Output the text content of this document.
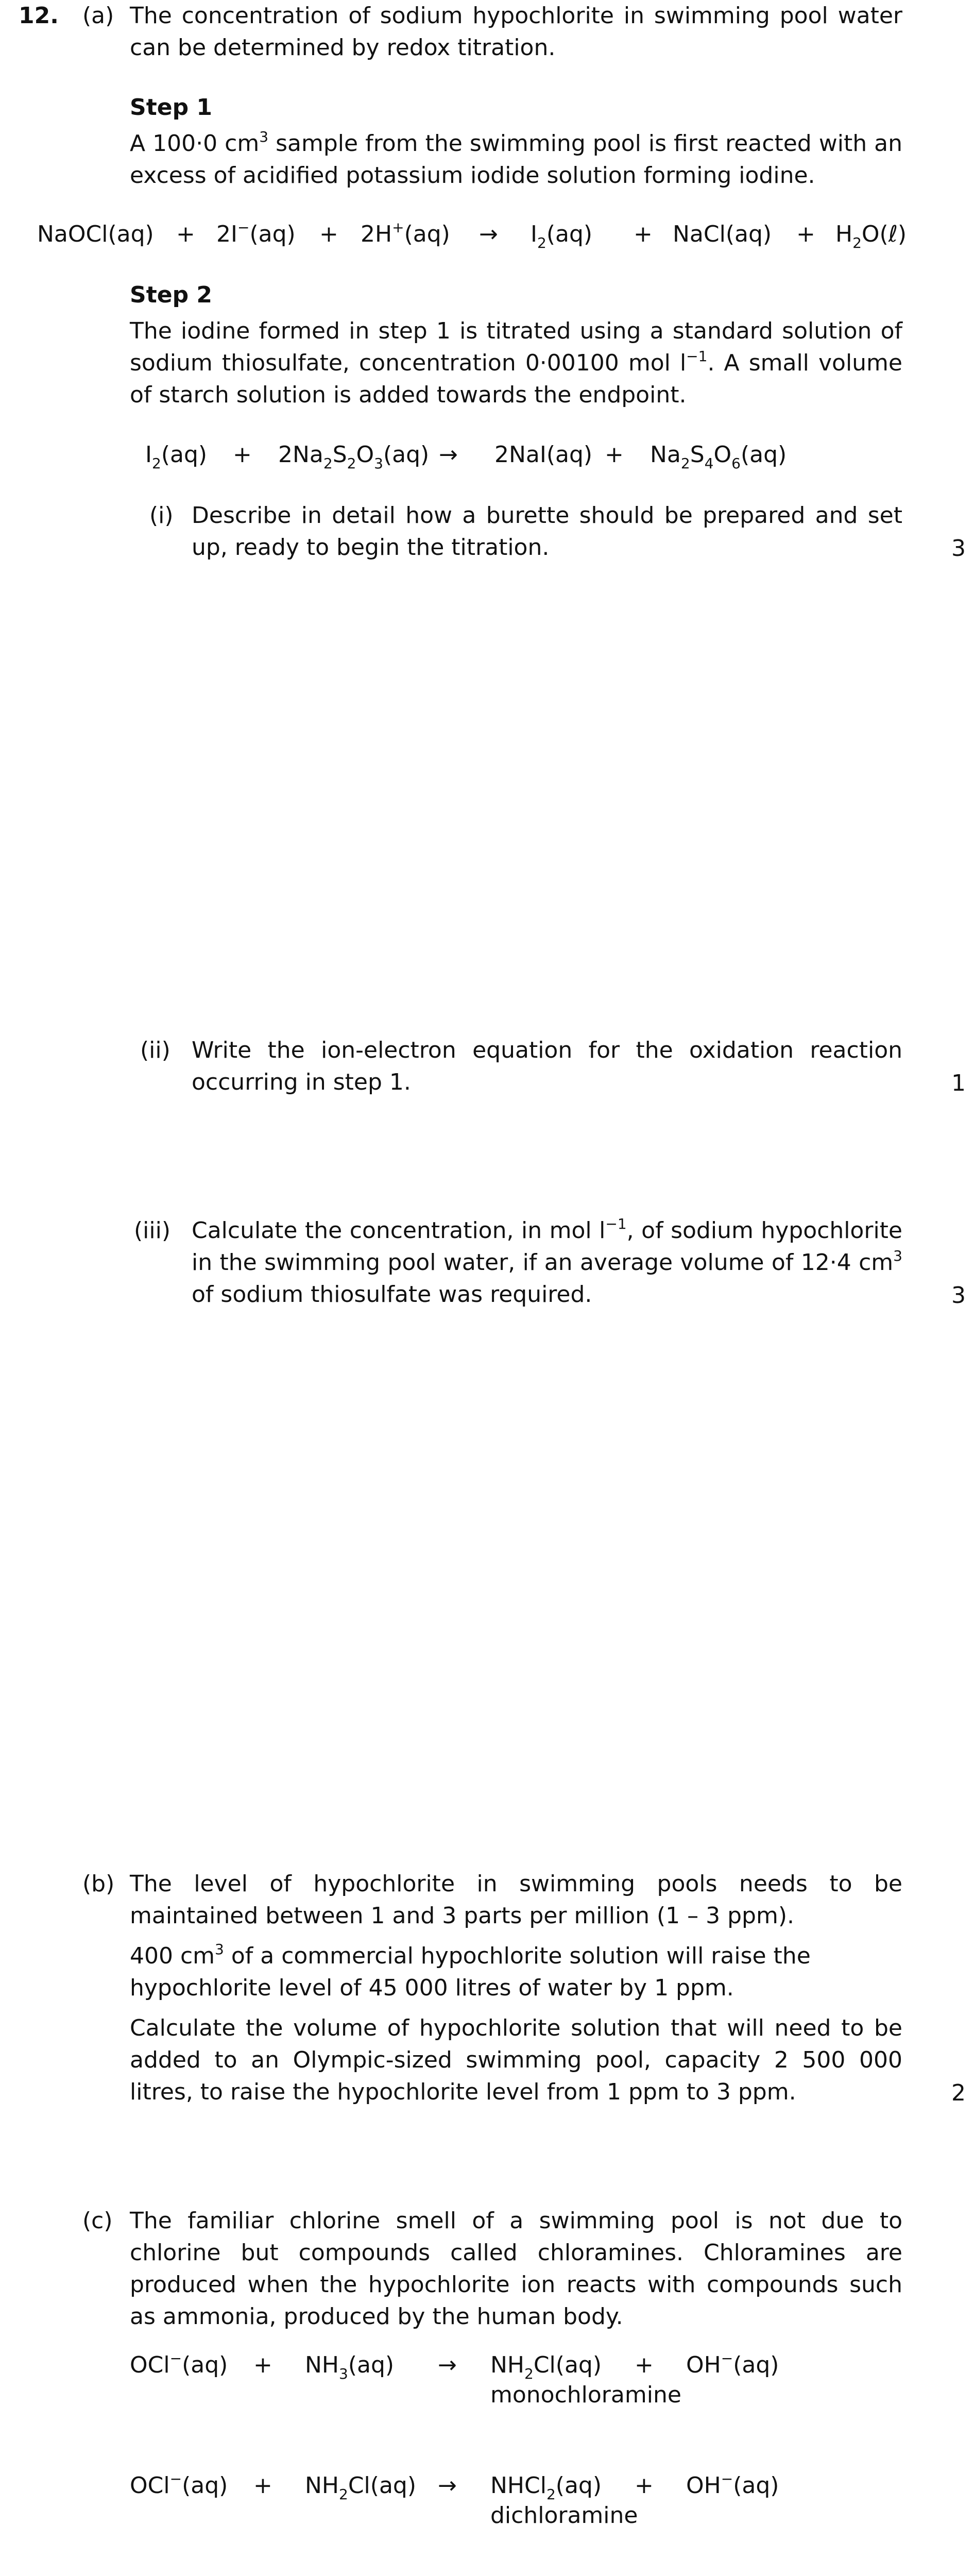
12. (a) The concentration of sodium hypochlorite in swimming pool water can be determined by redox titration.

Step 1

A 100·0 $cm^3$ sample from the swimming pool is first reacted with an excess of acidified potassium iodide solution forming iodine.

NaOCl(aq) + $2I^-(aq) + 2H^+(aq) \to I_2(aq)$ + NaCl(aq) + $H_2O(\ell)$
Step 2

The iodine formed in step 1 is titrated using a standard solution of sodium thiosulfate, concentration 0·00100 mol $l^{-1}$. A small volume of starch solution is added towards the endpoint.

$I_2(aq) + 2Na_2S_2O_3(aq) \to 2NaI(aq) + Na_2S_4O_6(aq)$
(i) Describe in detail how a burette should be prepared and set up, ready to begin the titration.	3
(ii) Write the ion-electron equation for the oxidation reaction occurring in step 1.	1
(iii) Calculate the concentration, in mol $l^{-1}$, of sodium hypochlorite in the swimming pool water, if an average volume of 12·4 $cm^3$ of sodium thiosulfate was required.	3
(b) The level of hypochlorite in swimming pools needs to be maintained between 1 and 3 parts per million (1 – 3 ppm).

400 $cm^3$ of a commercial hypochlorite solution will raise the hypochlorite level of 45 000 litres of water by 1 ppm.

Calculate the volume of hypochlorite solution that will need to be added to an Olympic-sized swimming pool, capacity 2 500 000 litres, to raise the hypochlorite level from 1 ppm to 3 ppm.	2
(c) The familiar chlorine smell of a swimming pool is not due to chlorine but compounds called chloramines. Chloramines are produced when the hypochlorite ion reacts with compounds such as ammonia, produced by the human body.

$OCl^-(aq) + NH_3(aq) \to NH_2Cl(aq) + OH^-(aq)$
monochloramine
$OCl^-(aq) + NH_2Cl(aq)$ → NHCl$_2$(aq) + OH−(aq)
dichloramine
